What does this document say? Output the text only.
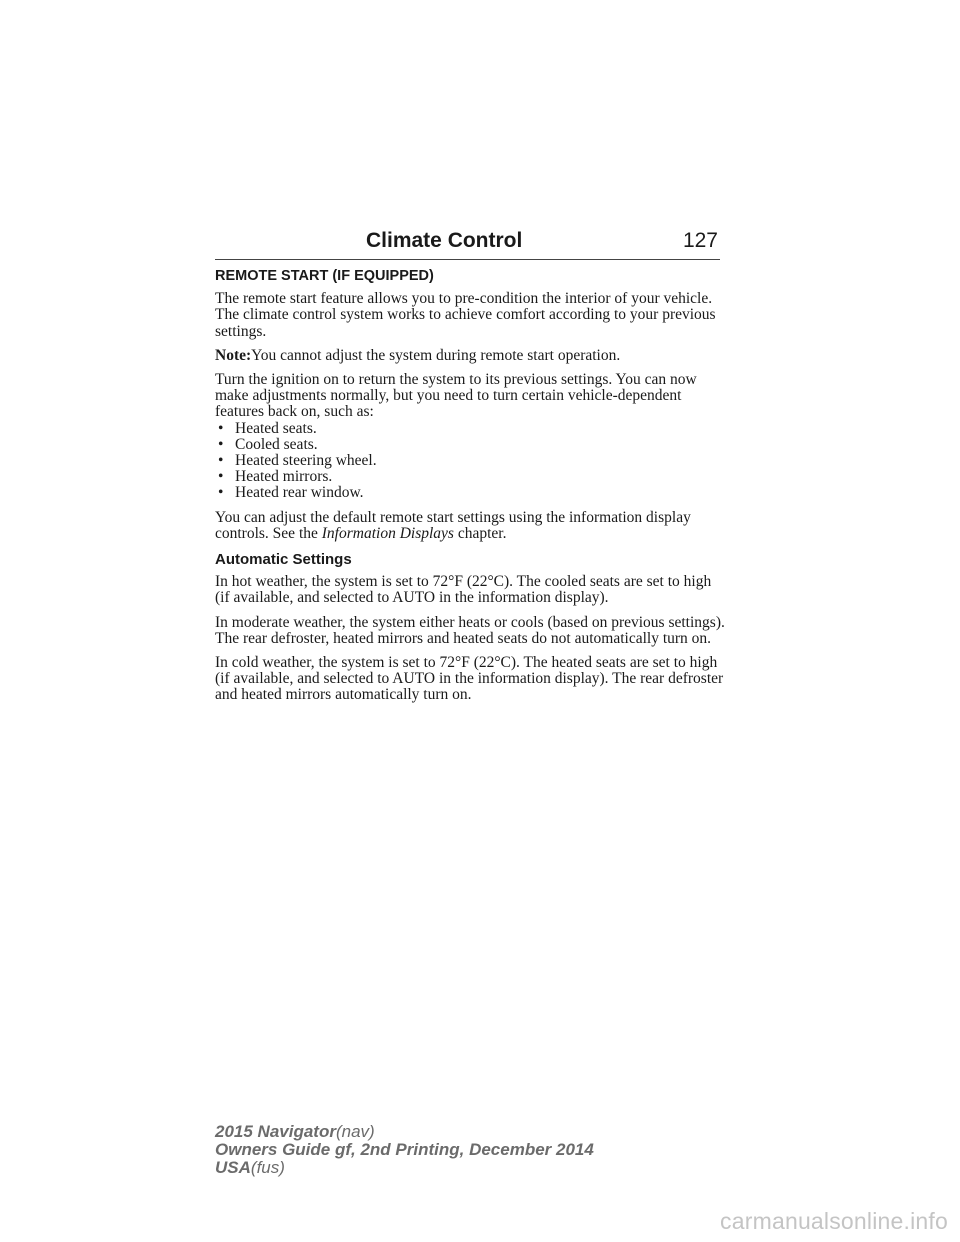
Climate Control	127
REMOTE START (IF EQUIPPED)

The remote start feature allows you to pre-condition the interior of your vehicle. The climate control system works to achieve comfort according to your previous settings.

Note:You cannot adjust the system during remote start operation.

Turn the ignition on to return the system to its previous settings. You can now make adjustments normally, but you need to turn certain vehicle-dependent features back on, such as:

• Heated seats.
• Cooled seats.
• Heated steering wheel.
• Heated mirrors.
• Heated rear window.

You can adjust the default remote start settings using the information display controls. See the Information Displays chapter.

Automatic Settings

In hot weather, the system is set to 72°F (22°C). The cooled seats are set to high (if available, and selected to AUTO in the information display).

In moderate weather, the system either heats or cools (based on previous settings). The rear defroster, heated mirrors and heated seats do not automatically turn on.

In cold weather, the system is set to 72°F (22°C). The heated seats are set to high (if available, and selected to AUTO in the information display). The rear defroster and heated mirrors automatically turn on.

2015 Navigator(nav)
Owners Guide gf, 2nd Printing, December 2014
USA(fus)
carmanualsonline.info
